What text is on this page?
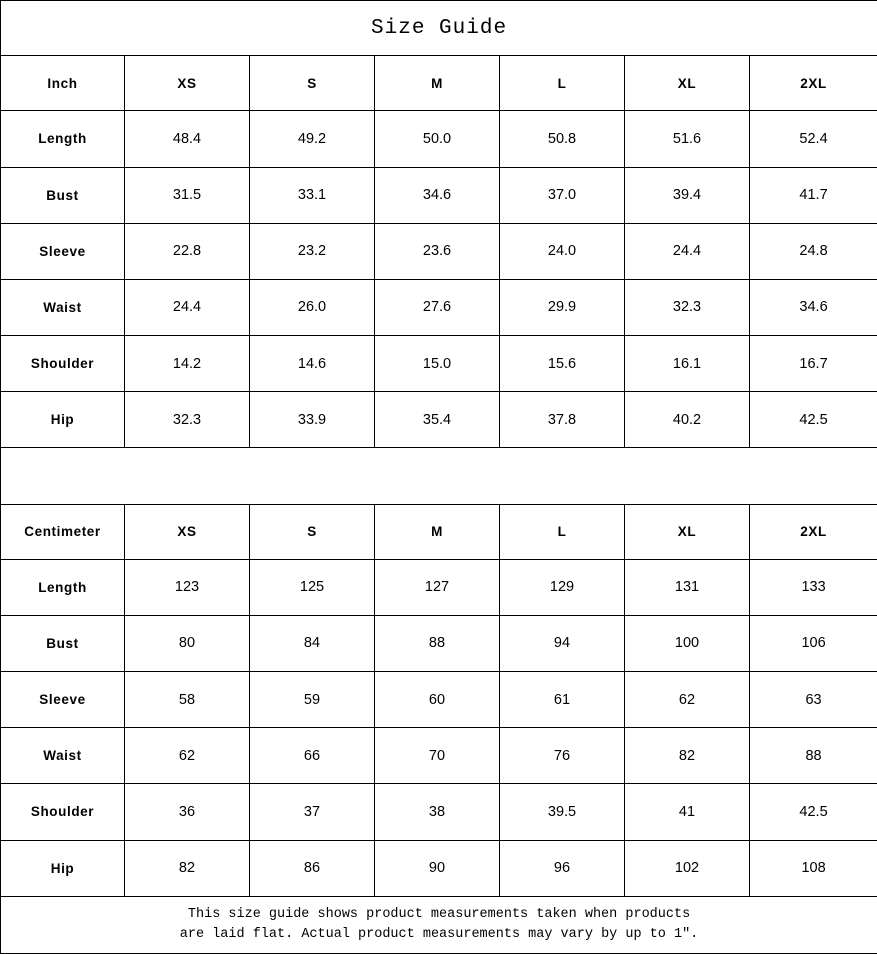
Size Guide						
Inch	XS	S	M	L	XL	2XL
Length	48.4	49.2	50.0	50.8	51.6	52.4
Bust	31.5	33.1	34.6	37.0	39.4	41.7
Sleeve	22.8	23.2	23.6	24.0	24.4	24.8
Waist	24.4	26.0	27.6	29.9	32.3	34.6
Shoulder	14.2	14.6	15.0	15.6	16.1	16.7
Hip	32.3	33.9	35.4	37.8	40.2	42.5

Centimeter	XS	S	M	L	XL	2XL
Length	123	125	127	129	131	133
Bust	80	84	88	94	100	106
Sleeve	58	59	60	61	62	63
Waist	62	66	70	76	82	88
Shoulder	36	37	38	39.5	41	42.5
Hip	82	86	90	96	102	108

This size guide shows product measurements taken when products
are laid flat. Actual product measurements may vary by up to 1″.						
